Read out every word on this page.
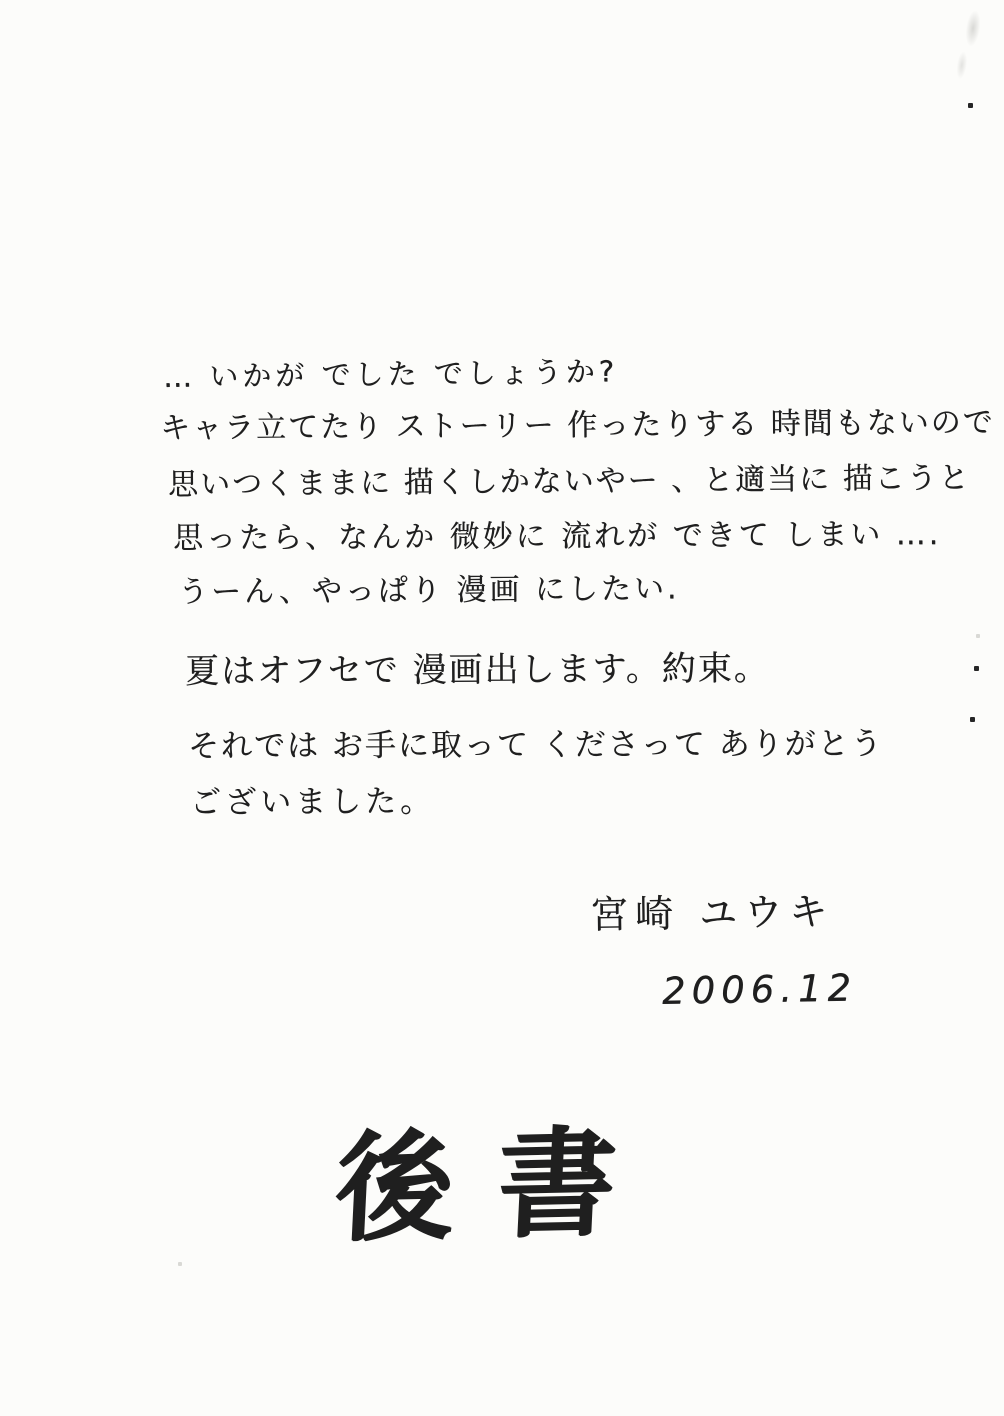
… いかが でした でしょうか?
キャラ立てたり ストーリー 作ったりする 時間もないので
思いつくままに 描くしかないやー 、と適当に 描こうと
思ったら、なんか 微妙に 流れが できて しまい ….
うーん、やっぱり 漫画 にしたい.
夏はオフセで 漫画出します。約束。
それでは お手に取って くださって ありがとう
ございました。
宮崎 ユウキ
2006.12
後書
